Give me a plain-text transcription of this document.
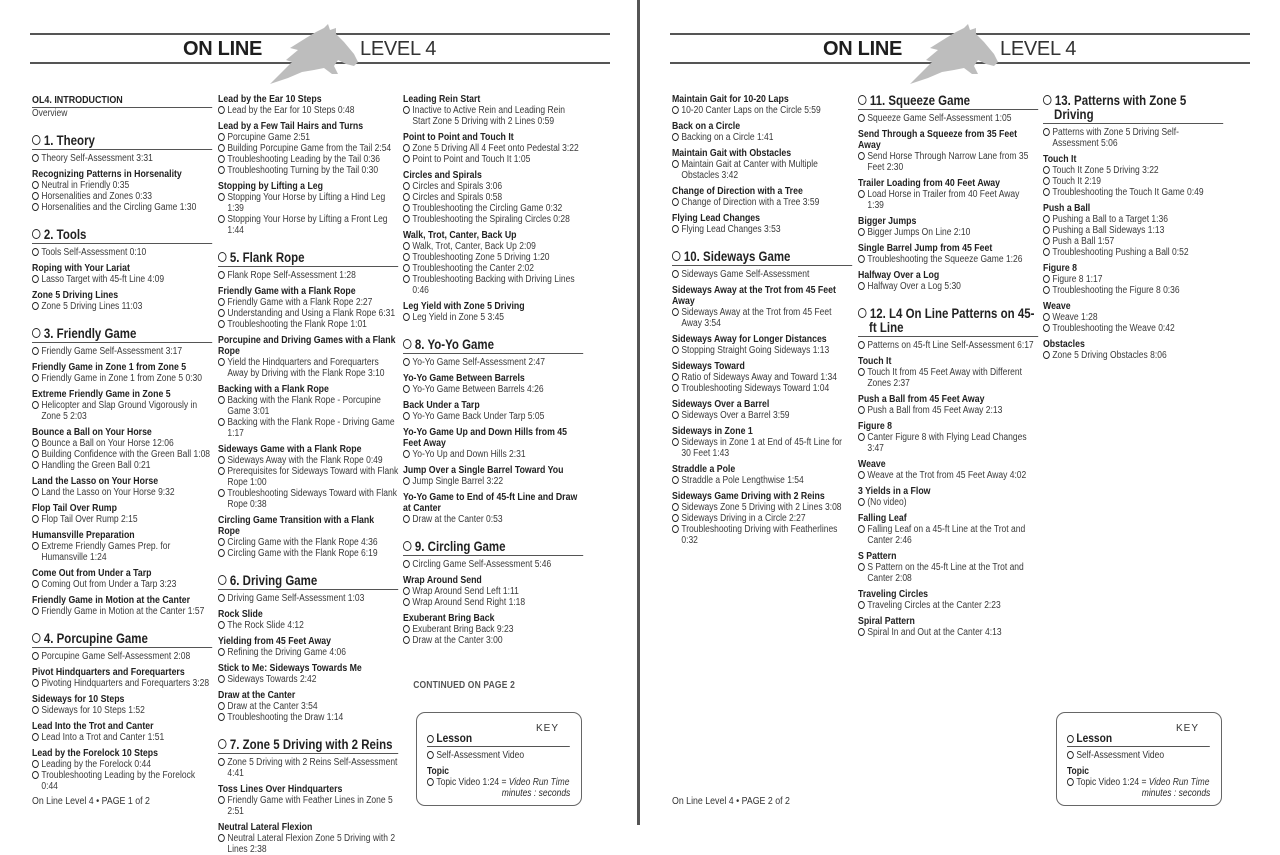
ON LINE	LEVEL 4
OL4. INTRODUCTION
Overview
1. Theory
Theory Self-Assessment 3:31
Recognizing Patterns in Horsenality
Neutral in Friendly 0:35
Horsenalities and Zones 0:33
Horsenalities and the Circling Game 1:30
2. Tools
Tools Self-Assessment 0:10
Roping with Your Lariat
Lasso Target with 45-ft Line 4:09
Zone 5 Driving Lines
Zone 5 Driving Lines 11:03
3. Friendly Game
Friendly Game Self-Assessment 3:17
Friendly Game in Zone 1 from Zone 5
Friendly Game in Zone 1 from Zone 5 0:30
Extreme Friendly Game in Zone 5
Helicopter and Slap Ground Vigorously in Zone 5 2:03
Bounce a Ball on Your Horse
Bounce a Ball on Your Horse 12:06
Building Confidence with the Green Ball 1:08
Handling the Green Ball 0:21
Land the Lasso on Your Horse
Land the Lasso on Your Horse 9:32
Flop Tail Over Rump
Flop Tail Over Rump 2:15
Humansville Preparation
Extreme Friendly Games Prep. for Humansville 1:24
Come Out from Under a Tarp
Coming Out from Under a Tarp 3:23
Friendly Game in Motion at the Canter
Friendly Game in Motion at the Canter 1:57
4. Porcupine Game
Porcupine Game Self-Assessment 2:08
Pivot Hindquarters and Forequarters
Pivoting Hindquarters and Forequarters 3:28
Sideways for 10 Steps
Sideways for 10 Steps 1:52
Lead Into the Trot and Canter
Lead Into a Trot and Canter 1:51
Lead by the Forelock 10 Steps
Leading by the Forelock 0:44
Troubleshooting Leading by the Forelock 0:44
Lead by the Ear 10 Steps
Lead by the Ear for 10 Steps 0:48
Lead by a Few Tail Hairs and Turns
Porcupine Game 2:51
Building Porcupine Game from the Tail 2:54
Troubleshooting Leading by the Tail 0:36
Troubleshooting Turning by the Tail 0:30
Stopping by Lifting a Leg
Stopping Your Horse by Lifting a Hind Leg 1:39
Stopping Your Horse by Lifting a Front Leg 1:44
5. Flank Rope
Flank Rope Self-Assessment 1:28
Friendly Game with a Flank Rope
Friendly Game with a Flank Rope 2:27
Understanding and Using a Flank Rope 6:31
Troubleshooting the Flank Rope 1:01
Porcupine and Driving Games with a Flank Rope
Yield the Hindquarters and Forequarters Away by Driving with the Flank Rope 3:10
Backing with a Flank Rope
Backing with the Flank Rope - Porcupine Game 3:01
Backing with the Flank Rope - Driving Game 1:17
Sideways Game with a Flank Rope
Sideways Away with the Flank Rope 0:49
Prerequisites for Sideways Toward with Flank Rope 1:00
Troubleshooting Sideways Toward with Flank Rope 0:38
Circling Game Transition with a Flank Rope
Circling Game with the Flank Rope 4:36
Circling Game with the Flank Rope 6:19
6. Driving Game
Driving Game Self-Assessment 1:03
Rock Slide
The Rock Slide 4:12
Yielding from 45 Feet Away
Refining the Driving Game 4:06
Stick to Me: Sideways Towards Me
Sideways Towards 2:42
Draw at the Canter
Draw at the Canter 3:54
Troubleshooting the Draw 1:14
7. Zone 5 Driving with 2 Reins
Zone 5 Driving with 2 Reins Self-Assessment 4:41
Toss Lines Over Hindquarters
Friendly Game with Feather Lines in Zone 5 2:51
Neutral Lateral Flexion
Neutral Lateral Flexion Zone 5 Driving with 2 Lines 2:38
Leading Rein Start
Inactive to Active Rein and Leading Rein Start Zone 5 Driving with 2 Lines 0:59
Point to Point and Touch It
Zone 5 Driving All 4 Feet onto Pedestal 3:22
Point to Point and Touch It 1:05
Circles and Spirals
Circles and Spirals 3:06
Circles and Spirals 0:58
Troubleshooting the Circling Game 0:32
Troubleshooting the Spiraling Circles 0:28
Walk, Trot, Canter, Back Up
Walk, Trot, Canter, Back Up 2:09
Troubleshooting Zone 5 Driving 1:20
Troubleshooting the Canter 2:02
Troubleshooting Backing with Driving Lines 0:46
Leg Yield with Zone 5 Driving
Leg Yield in Zone 5 3:45
8. Yo-Yo Game
Yo-Yo Game Self-Assessment 2:47
Yo-Yo Game Between Barrels
Yo-Yo Game Between Barrels 4:26
Back Under a Tarp
Yo-Yo Game Back Under Tarp 5:05
Yo-Yo Game Up and Down Hills from 45 Feet Away
Yo-Yo Up and Down Hills 2:31
Jump Over a Single Barrel Toward You
Jump Single Barrel 3:22
Yo-Yo Game to End of 45-ft Line and Draw at Canter
Draw at the Canter 0:53
9. Circling Game
Circling Game Self-Assessment 5:46
Wrap Around Send
Wrap Around Send Left 1:11
Wrap Around Send Right 1:18
Exuberant Bring Back
Exuberant Bring Back 9:23
Draw at the Canter 3:00
CONTINUED ON PAGE 2
KEY
Lesson
Self-Assessment Video
Topic
Topic Video 1:24 = Video Run Time
minutes : seconds
On Line Level 4 • PAGE 1 of 2
ON LINE	LEVEL 4
Maintain Gait for 10-20 Laps
10-20 Canter Laps on the Circle 5:59
Back on a Circle
Backing on a Circle 1:41
Maintain Gait with Obstacles
Maintain Gait at Canter with Multiple Obstacles 3:42
Change of Direction with a Tree
Change of Direction with a Tree 3:59
Flying Lead Changes
Flying Lead Changes 3:53
10. Sideways Game
Sideways Game Self-Assessment
Sideways Away at the Trot from 45 Feet Away
Sideways Away at the Trot from 45 Feet Away 3:54
Sideways Away for Longer Distances
Stopping Straight Going Sideways 1:13
Sideways Toward
Ratio of Sideways Away and Toward 1:34
Troubleshooting Sideways Toward 1:04
Sideways Over a Barrel
Sideways Over a Barrel 3:59
Sideways in Zone 1
Sideways in Zone 1 at End of 45-ft Line for 30 Feet 1:43
Straddle a Pole
Straddle a Pole Lengthwise 1:54
Sideways Game Driving with 2 Reins
Sideways Zone 5 Driving with 2 Lines 3:08
Sideways Driving in a Circle 2:27
Troubleshooting Driving with Featherlines 0:32
11. Squeeze Game
Squeeze Game Self-Assessment 1:05
Send Through a Squeeze from 35 Feet Away
Send Horse Through Narrow Lane from 35 Feet 2:30
Trailer Loading from 40 Feet Away
Load Horse in Trailer from 40 Feet Away 1:39
Bigger Jumps
Bigger Jumps On Line 2:10
Single Barrel Jump from 45 Feet
Troubleshooting the Squeeze Game 1:26
Halfway Over a Log
Halfway Over a Log 5:30
12. L4 On Line Patterns on 45-ft Line
Patterns on 45-ft Line Self-Assessment 6:17
Touch It
Touch It from 45 Feet Away with Different Zones 2:37
Push a Ball from 45 Feet Away
Push a Ball from 45 Feet Away 2:13
Figure 8
Canter Figure 8 with Flying Lead Changes 3:47
Weave
Weave at the Trot from 45 Feet Away 4:02
3 Yields in a Flow
(No video)
Falling Leaf
Falling Leaf on a 45-ft Line at the Trot and Canter 2:46
S Pattern
S Pattern on the 45-ft Line at the Trot and Canter 2:08
Traveling Circles
Traveling Circles at the Canter 2:23
Spiral Pattern
Spiral In and Out at the Canter 4:13
13. Patterns with Zone 5 Driving
Patterns with Zone 5 Driving Self-Assessment 5:06
Touch It
Touch It Zone 5 Driving 3:22
Touch It 2:19
Troubleshooting the Touch It Game 0:49
Push a Ball
Pushing a Ball to a Target 1:36
Pushing a Ball Sideways 1:13
Push a Ball 1:57
Troubleshooting Pushing a Ball 0:52
Figure 8
Figure 8 1:17
Troubleshooting the Figure 8 0:36
Weave
Weave 1:28
Troubleshooting the Weave 0:42
Obstacles
Zone 5 Driving Obstacles 8:06
KEY
Lesson
Self-Assessment Video
Topic
Topic Video 1:24 = Video Run Time
minutes : seconds
On Line Level 4 • PAGE 2 of 2
